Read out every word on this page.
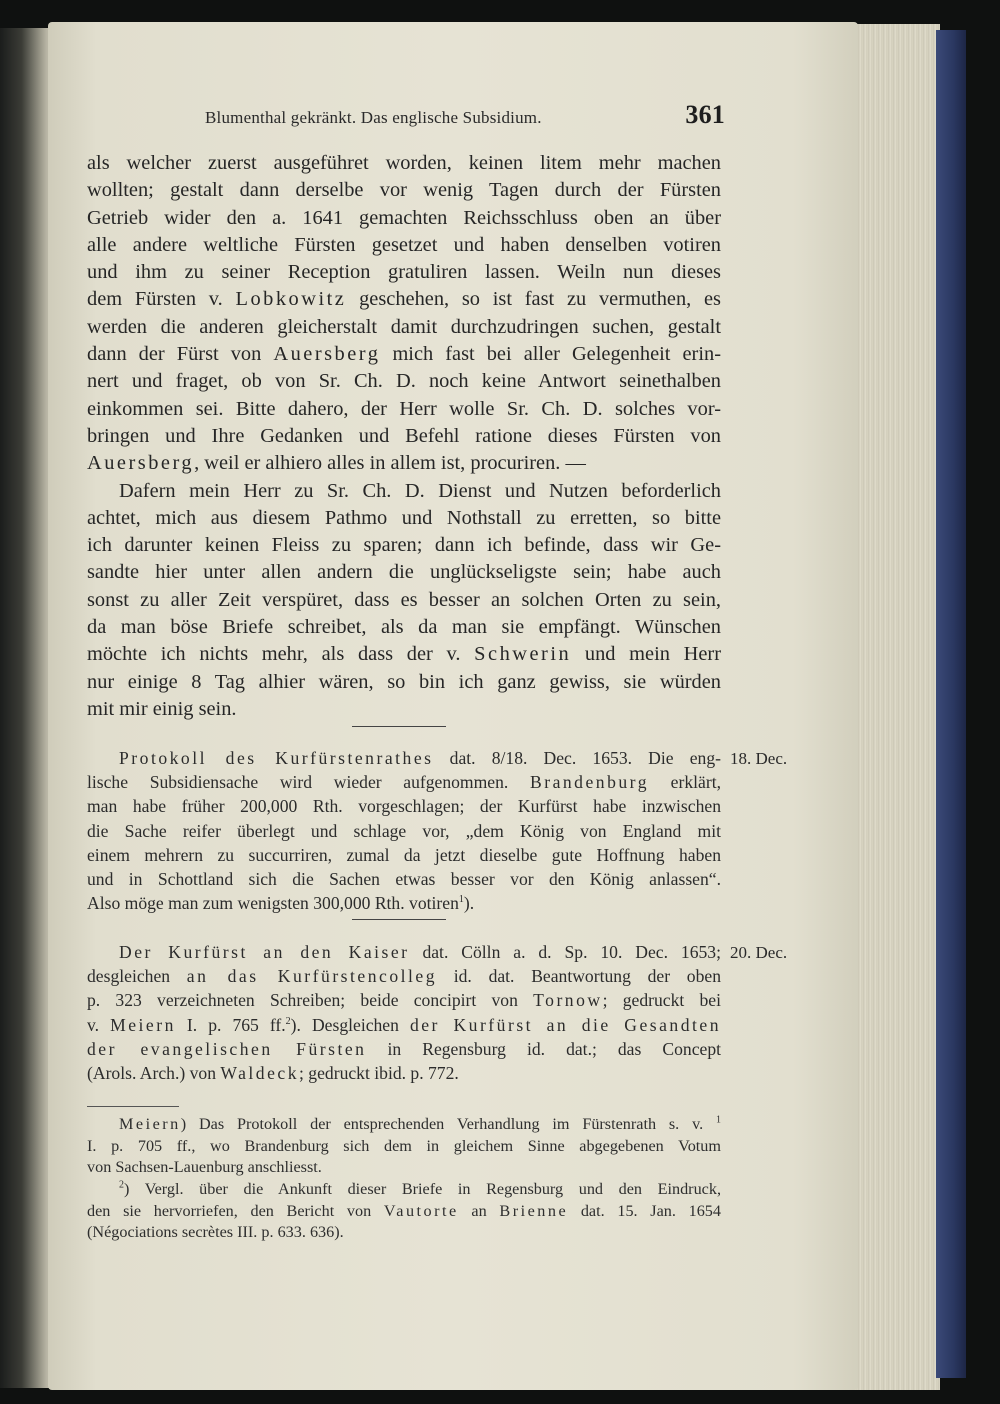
Blumenthal gekränkt. Das englische Subsidium.	361
als welcher zuerst ausgeführet worden, keinen litem mehr machen
wollten; gestalt dann derselbe vor wenig Tagen durch der Fürsten
Getrieb wider den a. 1641 gemachten Reichsschluss oben an über
alle andere weltliche Fürsten gesetzet und haben denselben votiren
und ihm zu seiner Reception gratuliren lassen. Weiln nun dieses
dem Fürsten v. Lobkowitz geschehen, so ist fast zu vermuthen, es
werden die anderen gleicherstalt damit durchzudringen suchen, gestalt
dann der Fürst von Auersberg mich fast bei aller Gelegenheit erin-
nert und fraget, ob von Sr. Ch. D. noch keine Antwort seinethalben
einkommen sei. Bitte dahero, der Herr wolle Sr. Ch. D. solches vor-
bringen und Ihre Gedanken und Befehl ratione dieses Fürsten von
Auersberg, weil er alhiero alles in allem ist, procuriren. —
Dafern mein Herr zu Sr. Ch. D. Dienst und Nutzen beforderlich
achtet, mich aus diesem Pathmo und Nothstall zu erretten, so bitte
ich darunter keinen Fleiss zu sparen; dann ich befinde, dass wir Ge-
sandte hier unter allen andern die unglückseligste sein; habe auch
sonst zu aller Zeit verspüret, dass es besser an solchen Orten zu sein,
da man böse Briefe schreibet, als da man sie empfängt. Wünschen
möchte ich nichts mehr, als dass der v. Schwerin und mein Herr
nur einige 8 Tag alhier wären, so bin ich ganz gewiss, sie würden
mit mir einig sein.
Protokoll des Kurfürstenrathes dat. 8/18. Dec. 1653. Die eng-
lische Subsidiensache wird wieder aufgenommen. Brandenburg erklärt,
man habe früher 200,000 Rth. vorgeschlagen; der Kurfürst habe inzwischen
die Sache reifer überlegt und schlage vor, „dem König von England mit
einem mehrern zu succurriren, zumal da jetzt dieselbe gute Hoffnung haben
und in Schottland sich die Sachen etwas besser vor den König anlassen“.
Also möge man zum wenigsten 300,000 Rth. votiren$^1$).
18. Dec.
Der Kurfürst an den Kaiser dat. Cölln a. d. Sp. 10. Dec. 1653;
desgleichen an das Kurfürstencolleg id. dat. Beantwortung der oben
p. 323 verzeichneten Schreiben; beide concipirt von Tornow; gedruckt bei
v. Meiern I. p. 765 ff.$^2$). Desgleichen der Kurfürst an die Gesandten
der evangelischen Fürsten in Regensburg id. dat.; das Concept
(Arols. Arch.) von Waldeck; gedruckt ibid. p. 772.
20. Dec.
Meiern) Das Protokoll der entsprechenden Verhandlung im Fürstenrath s. v. $^1$
I. p. 705 ff., wo Brandenburg sich dem in gleichem Sinne abgegebenen Votum
von Sachsen-Lauenburg anschliesst.
$^2$) Vergl. über die Ankunft dieser Briefe in Regensburg und den Eindruck,
den sie hervorriefen, den Bericht von Vautorte an Brienne dat. 15. Jan. 1654
(Négociations secrètes III. p. 633. 636).
